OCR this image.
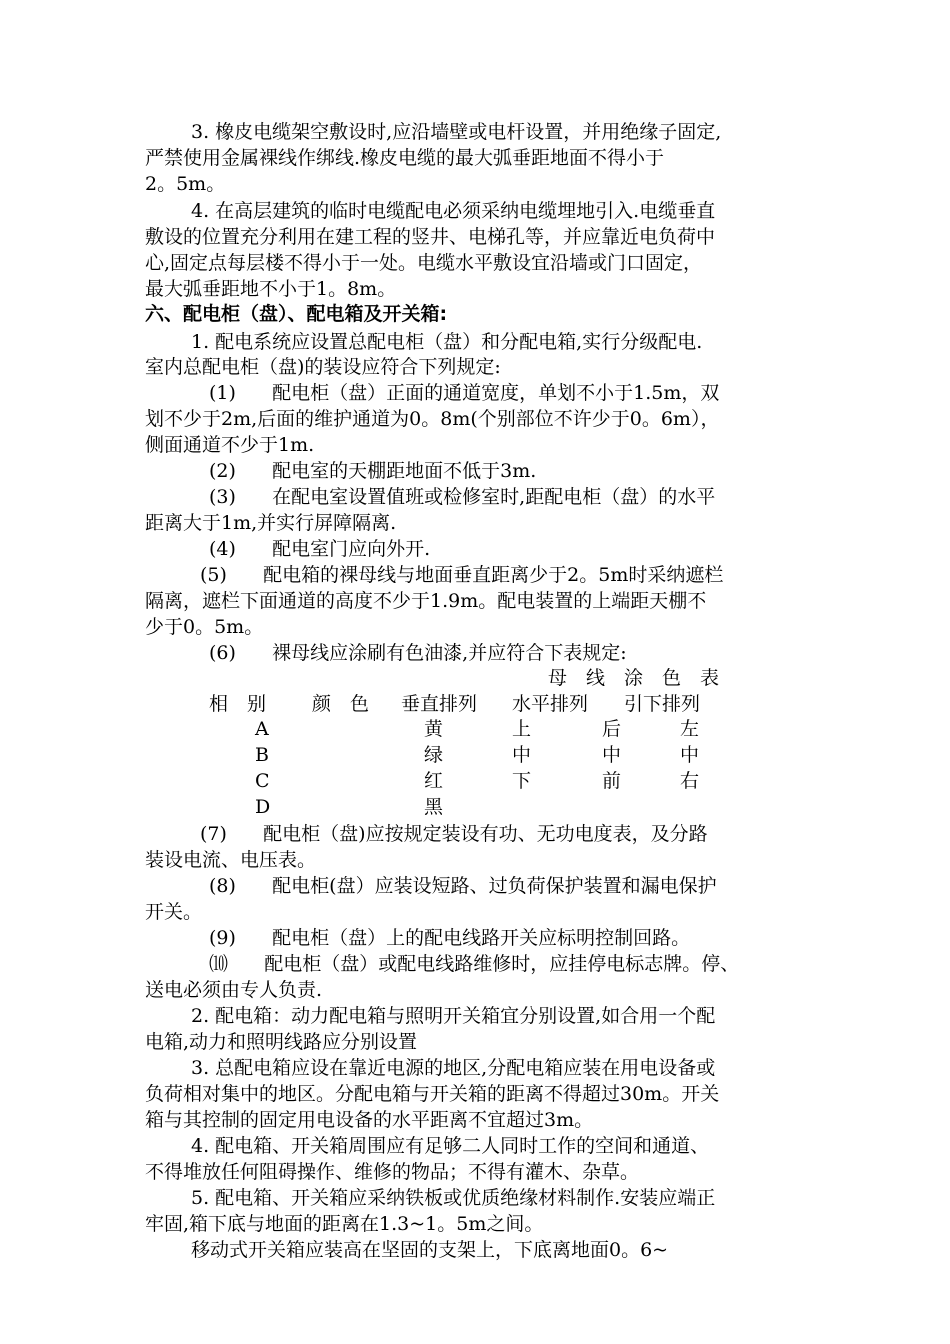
3. 橡皮电缆架空敷设时,应沿墙壁或电杆设置，并用绝缘子固定,
严禁使用金属裸线作绑线.橡皮电缆的最大弧垂距地面不得小于
2。5m。
4. 在高层建筑的临时电缆配电必须采纳电缆埋地引入.电缆垂直
敷设的位置充分利用在建工程的竖井、电梯孔等，并应靠近电负荷中
心,固定点每层楼不得小于一处。电缆水平敷设宜沿墙或门口固定，
最大弧垂距地不小于1。8m。
六、配电柜（盘）、配电箱及开关箱:
1. 配电系统应设置总配电柜（盘）和分配电箱,实行分级配电.
室内总配电柜（盘)的装设应符合下列规定:
(1)      配电柜（盘）正面的通道宽度，单划不小于1.5m，双
划不少于2m,后面的维护通道为0。8m(个别部位不许少于0。6m），
侧面通道不少于1m.
(2)      配电室的天棚距地面不低于3m.
(3)      在配电室设置值班或检修室时,距配电柜（盘）的水平
距离大于1m,并实行屏障隔离.
(4)      配电室门应向外开.
(5)      配电箱的裸母线与地面垂直距离少于2。5m时采纳遮栏
隔离，遮栏下面通道的高度不少于1.9m。配电装置的上端距天棚不
少于0。5m。
(6)      裸母线应涂刷有色油漆,并应符合下表规定:
母　线　涂　色　表
相　别 颜　色 垂直排列 水平排列 引下排列
A	黄	上	后	左
B	绿	中	中	中
C	红	下	前	右
D	黑
(7)      配电柜（盘)应按规定装设有功、无功电度表，及分路
装设电流、电压表。
(8)      配电柜(盘）应装设短路、过负荷保护装置和漏电保护
开关。
(9)      配电柜（盘）上的配电线路开关应标明控制回路。
⑽      配电柜（盘）或配电线路维修时，应挂停电标志牌。停、
送电必须由专人负责.
2. 配电箱：动力配电箱与照明开关箱宜分别设置,如合用一个配
电箱,动力和照明线路应分别设置
3. 总配电箱应设在靠近电源的地区,分配电箱应装在用电设备或
负荷相对集中的地区。分配电箱与开关箱的距离不得超过30m。开关
箱与其控制的固定用电设备的水平距离不宜超过3m。
4. 配电箱、开关箱周围应有足够二人同时工作的空间和通道、
不得堆放任何阻碍操作、维修的物品；不得有灌木、杂草。
5. 配电箱、开关箱应采纳铁板或优质绝缘材料制作.安装应端正
牢固,箱下底与地面的距离在1.3~1。5m之间。
移动式开关箱应装高在坚固的支架上，下底离地面0。6~
